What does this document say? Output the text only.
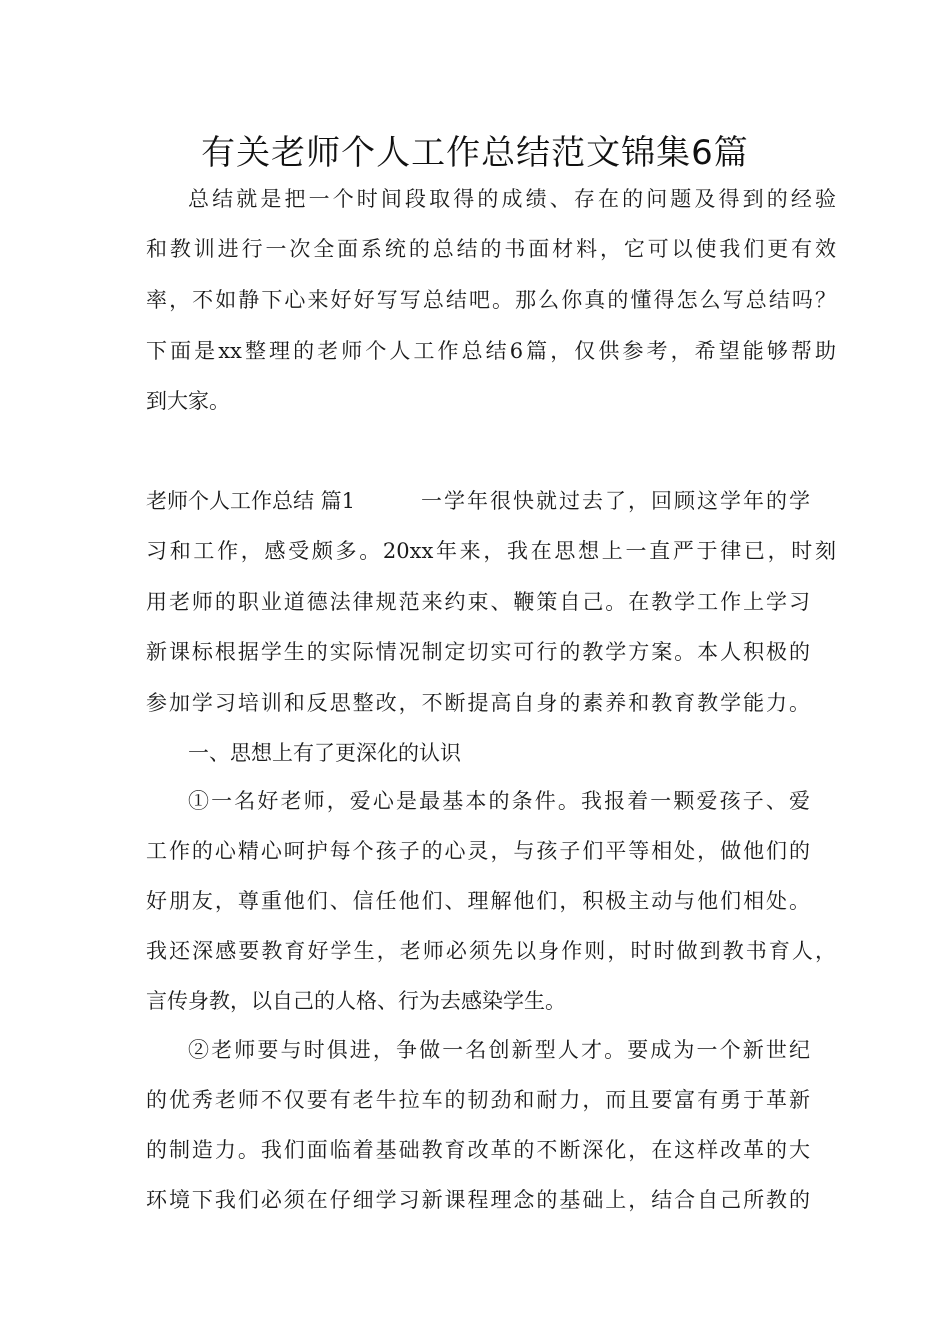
有关老师个人工作总结范文锦集6篇
总结就是把一个时间段取得的成绩、存在的问题及得到的经验
和教训进行一次全面系统的总结的书面材料，它可以使我们更有效
率，不如静下心来好好写写总结吧。那么你真的懂得怎么写总结吗？
下面是xx整理的老师个人工作总结6篇，仅供参考，希望能够帮助
到大家。
老师个人工作总结 篇1	一学年很快就过去了，回顾这学年的学
习和工作，感受颇多。20xx年来，我在思想上一直严于律已，时刻
用老师的职业道德法律规范来约束、鞭策自己。在教学工作上学习
新课标根据学生的实际情况制定切实可行的教学方案。本人积极的
参加学习培训和反思整改，不断提高自身的素养和教育教学能力。
一、思想上有了更深化的认识
①一名好老师，爱心是最基本的条件。我报着一颗爱孩子、爱
工作的心精心呵护每个孩子的心灵，与孩子们平等相处，做他们的
好朋友，尊重他们、信任他们、理解他们，积极主动与他们相处。
我还深感要教育好学生，老师必须先以身作则，时时做到教书育人，
言传身教，以自己的人格、行为去感染学生。
②老师要与时俱进，争做一名创新型人才。要成为一个新世纪
的优秀老师不仅要有老牛拉车的韧劲和耐力，而且要富有勇于革新
的制造力。我们面临着基础教育改革的不断深化，在这样改革的大
环境下我们必须在仔细学习新课程理念的基础上，结合自己所教的
